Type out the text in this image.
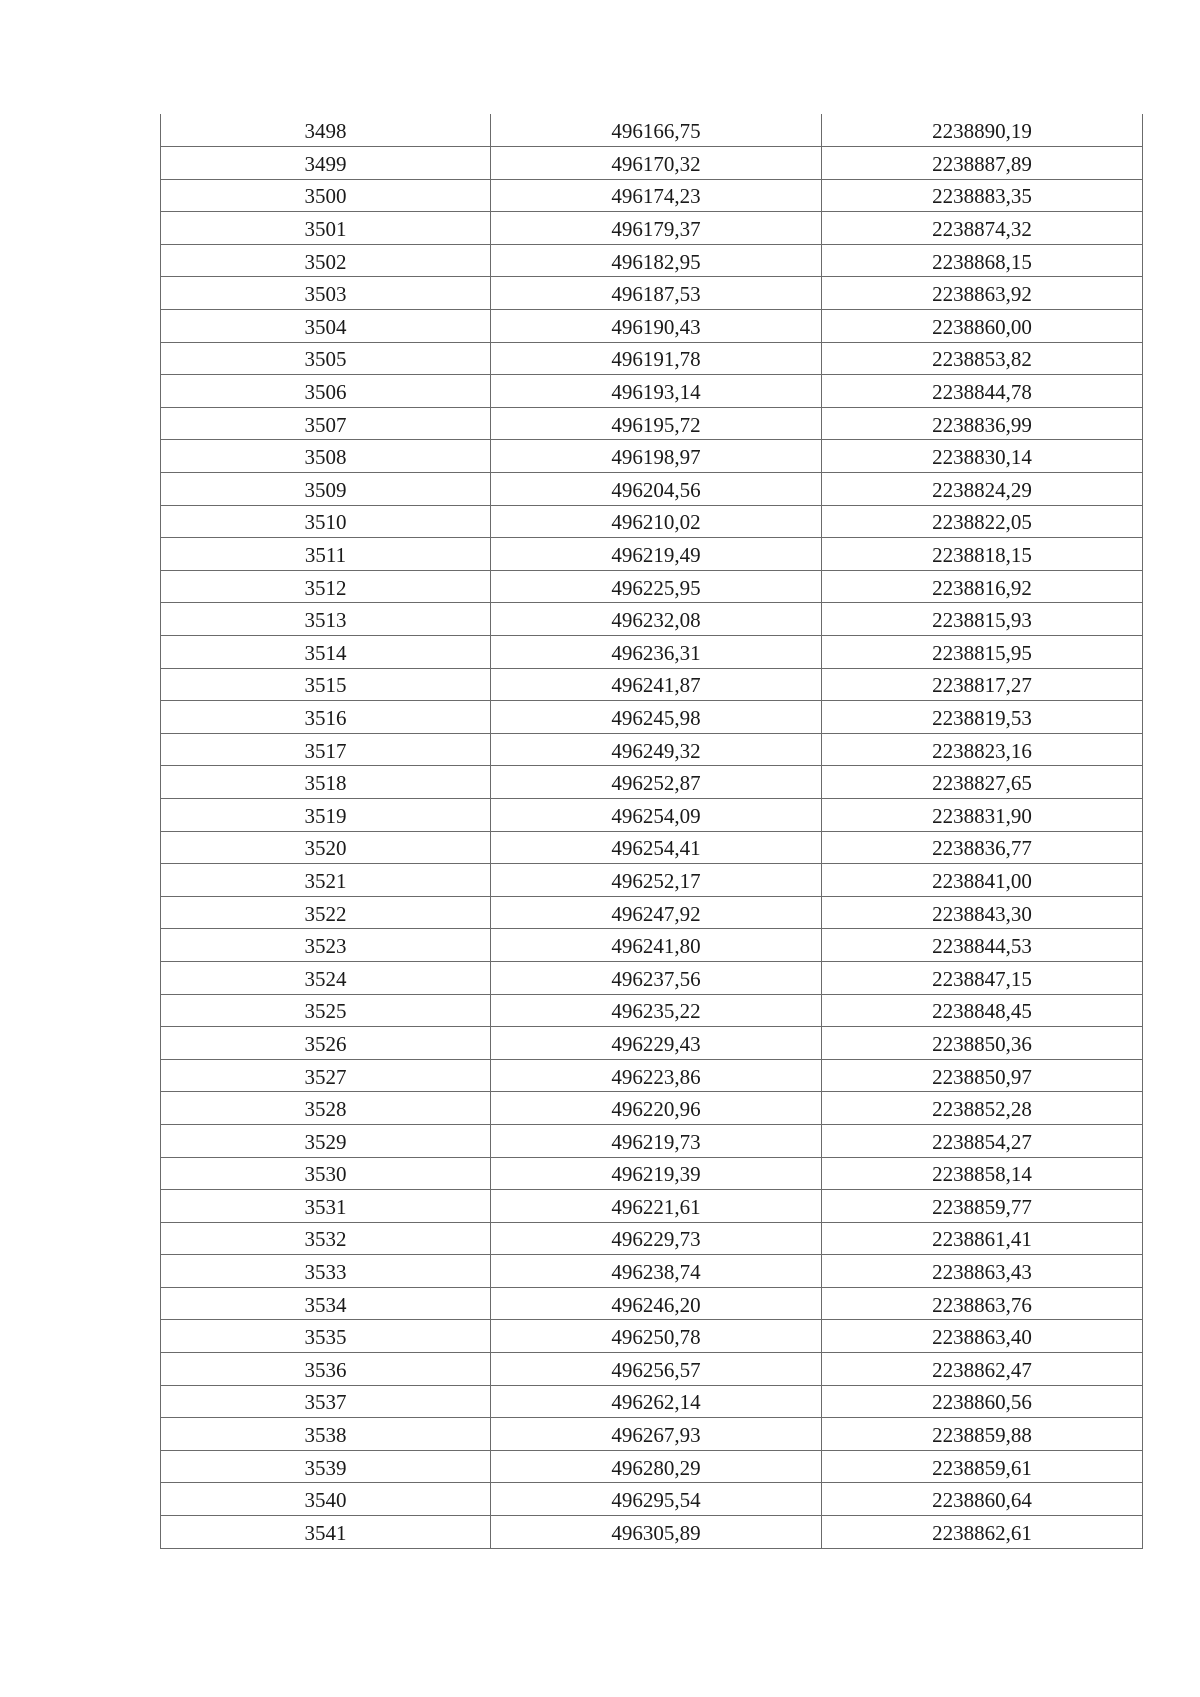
3498	496166,75	2238890,19
3499	496170,32	2238887,89
3500	496174,23	2238883,35
3501	496179,37	2238874,32
3502	496182,95	2238868,15
3503	496187,53	2238863,92
3504	496190,43	2238860,00
3505	496191,78	2238853,82
3506	496193,14	2238844,78
3507	496195,72	2238836,99
3508	496198,97	2238830,14
3509	496204,56	2238824,29
3510	496210,02	2238822,05
3511	496219,49	2238818,15
3512	496225,95	2238816,92
3513	496232,08	2238815,93
3514	496236,31	2238815,95
3515	496241,87	2238817,27
3516	496245,98	2238819,53
3517	496249,32	2238823,16
3518	496252,87	2238827,65
3519	496254,09	2238831,90
3520	496254,41	2238836,77
3521	496252,17	2238841,00
3522	496247,92	2238843,30
3523	496241,80	2238844,53
3524	496237,56	2238847,15
3525	496235,22	2238848,45
3526	496229,43	2238850,36
3527	496223,86	2238850,97
3528	496220,96	2238852,28
3529	496219,73	2238854,27
3530	496219,39	2238858,14
3531	496221,61	2238859,77
3532	496229,73	2238861,41
3533	496238,74	2238863,43
3534	496246,20	2238863,76
3535	496250,78	2238863,40
3536	496256,57	2238862,47
3537	496262,14	2238860,56
3538	496267,93	2238859,88
3539	496280,29	2238859,61
3540	496295,54	2238860,64
3541	496305,89	2238862,61
